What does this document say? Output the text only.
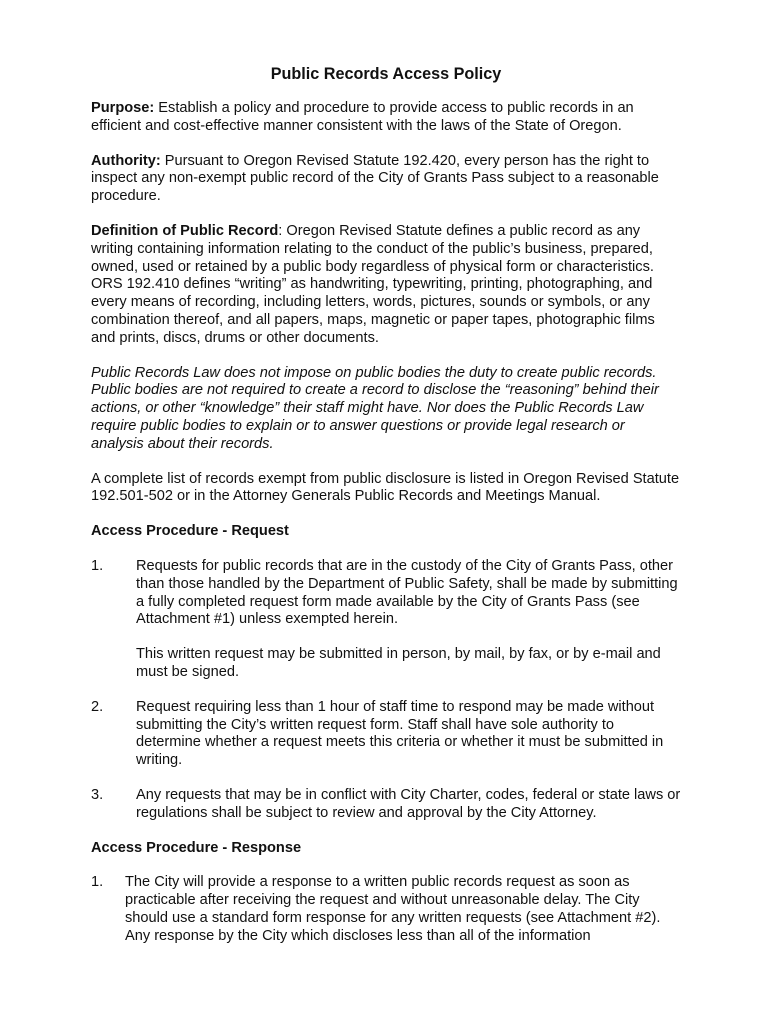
Public Records Access Policy

Purpose: Establish a policy and procedure to provide access to public records in an efficient and cost-effective manner consistent with the laws of the State of Oregon.

Authority: Pursuant to Oregon Revised Statute 192.420, every person has the right to inspect any non-exempt public record of the City of Grants Pass subject to a reasonable procedure.

Definition of Public Record: Oregon Revised Statute defines a public record as any writing containing information relating to the conduct of the public’s business, prepared, owned, used or retained by a public body regardless of physical form or characteristics. ORS 192.410 defines “writing” as handwriting, typewriting, printing, photographing, and every means of recording, including letters, words, pictures, sounds or symbols, or any combination thereof, and all papers, maps, magnetic or paper tapes, photographic films and prints, discs, drums or other documents.

Public Records Law does not impose on public bodies the duty to create public records. Public bodies are not required to create a record to disclose the “reasoning” behind their actions, or other “knowledge” their staff might have. Nor does the Public Records Law require public bodies to explain or to answer questions or provide legal research or analysis about their records.

A complete list of records exempt from public disclosure is listed in Oregon Revised Statute 192.501-502 or in the Attorney Generals Public Records and Meetings Manual.

Access Procedure - Request
1.	Requests for public records that are in the custody of the City of Grants Pass, other than those handled by the Department of Public Safety, shall be made by submitting a fully completed request form made available by the City of Grants Pass (see Attachment #1) unless exempted herein.

This written request may be submitted in person, by mail, by fax, or by e-mail and must be signed.

2.	Request requiring less than 1 hour of staff time to respond may be made without submitting the City’s written request form. Staff shall have sole authority to determine whether a request meets this criteria or whether it must be submitted in writing.

3.	Any requests that may be in conflict with City Charter, codes, federal or state laws or regulations shall be subject to review and approval by the City Attorney.

Access Procedure - Response
1.	The City will provide a response to a written public records request as soon as practicable after receiving the request and without unreasonable delay. The City should use a standard form response for any written requests (see Attachment #2). Any response by the City which discloses less than all of the information
